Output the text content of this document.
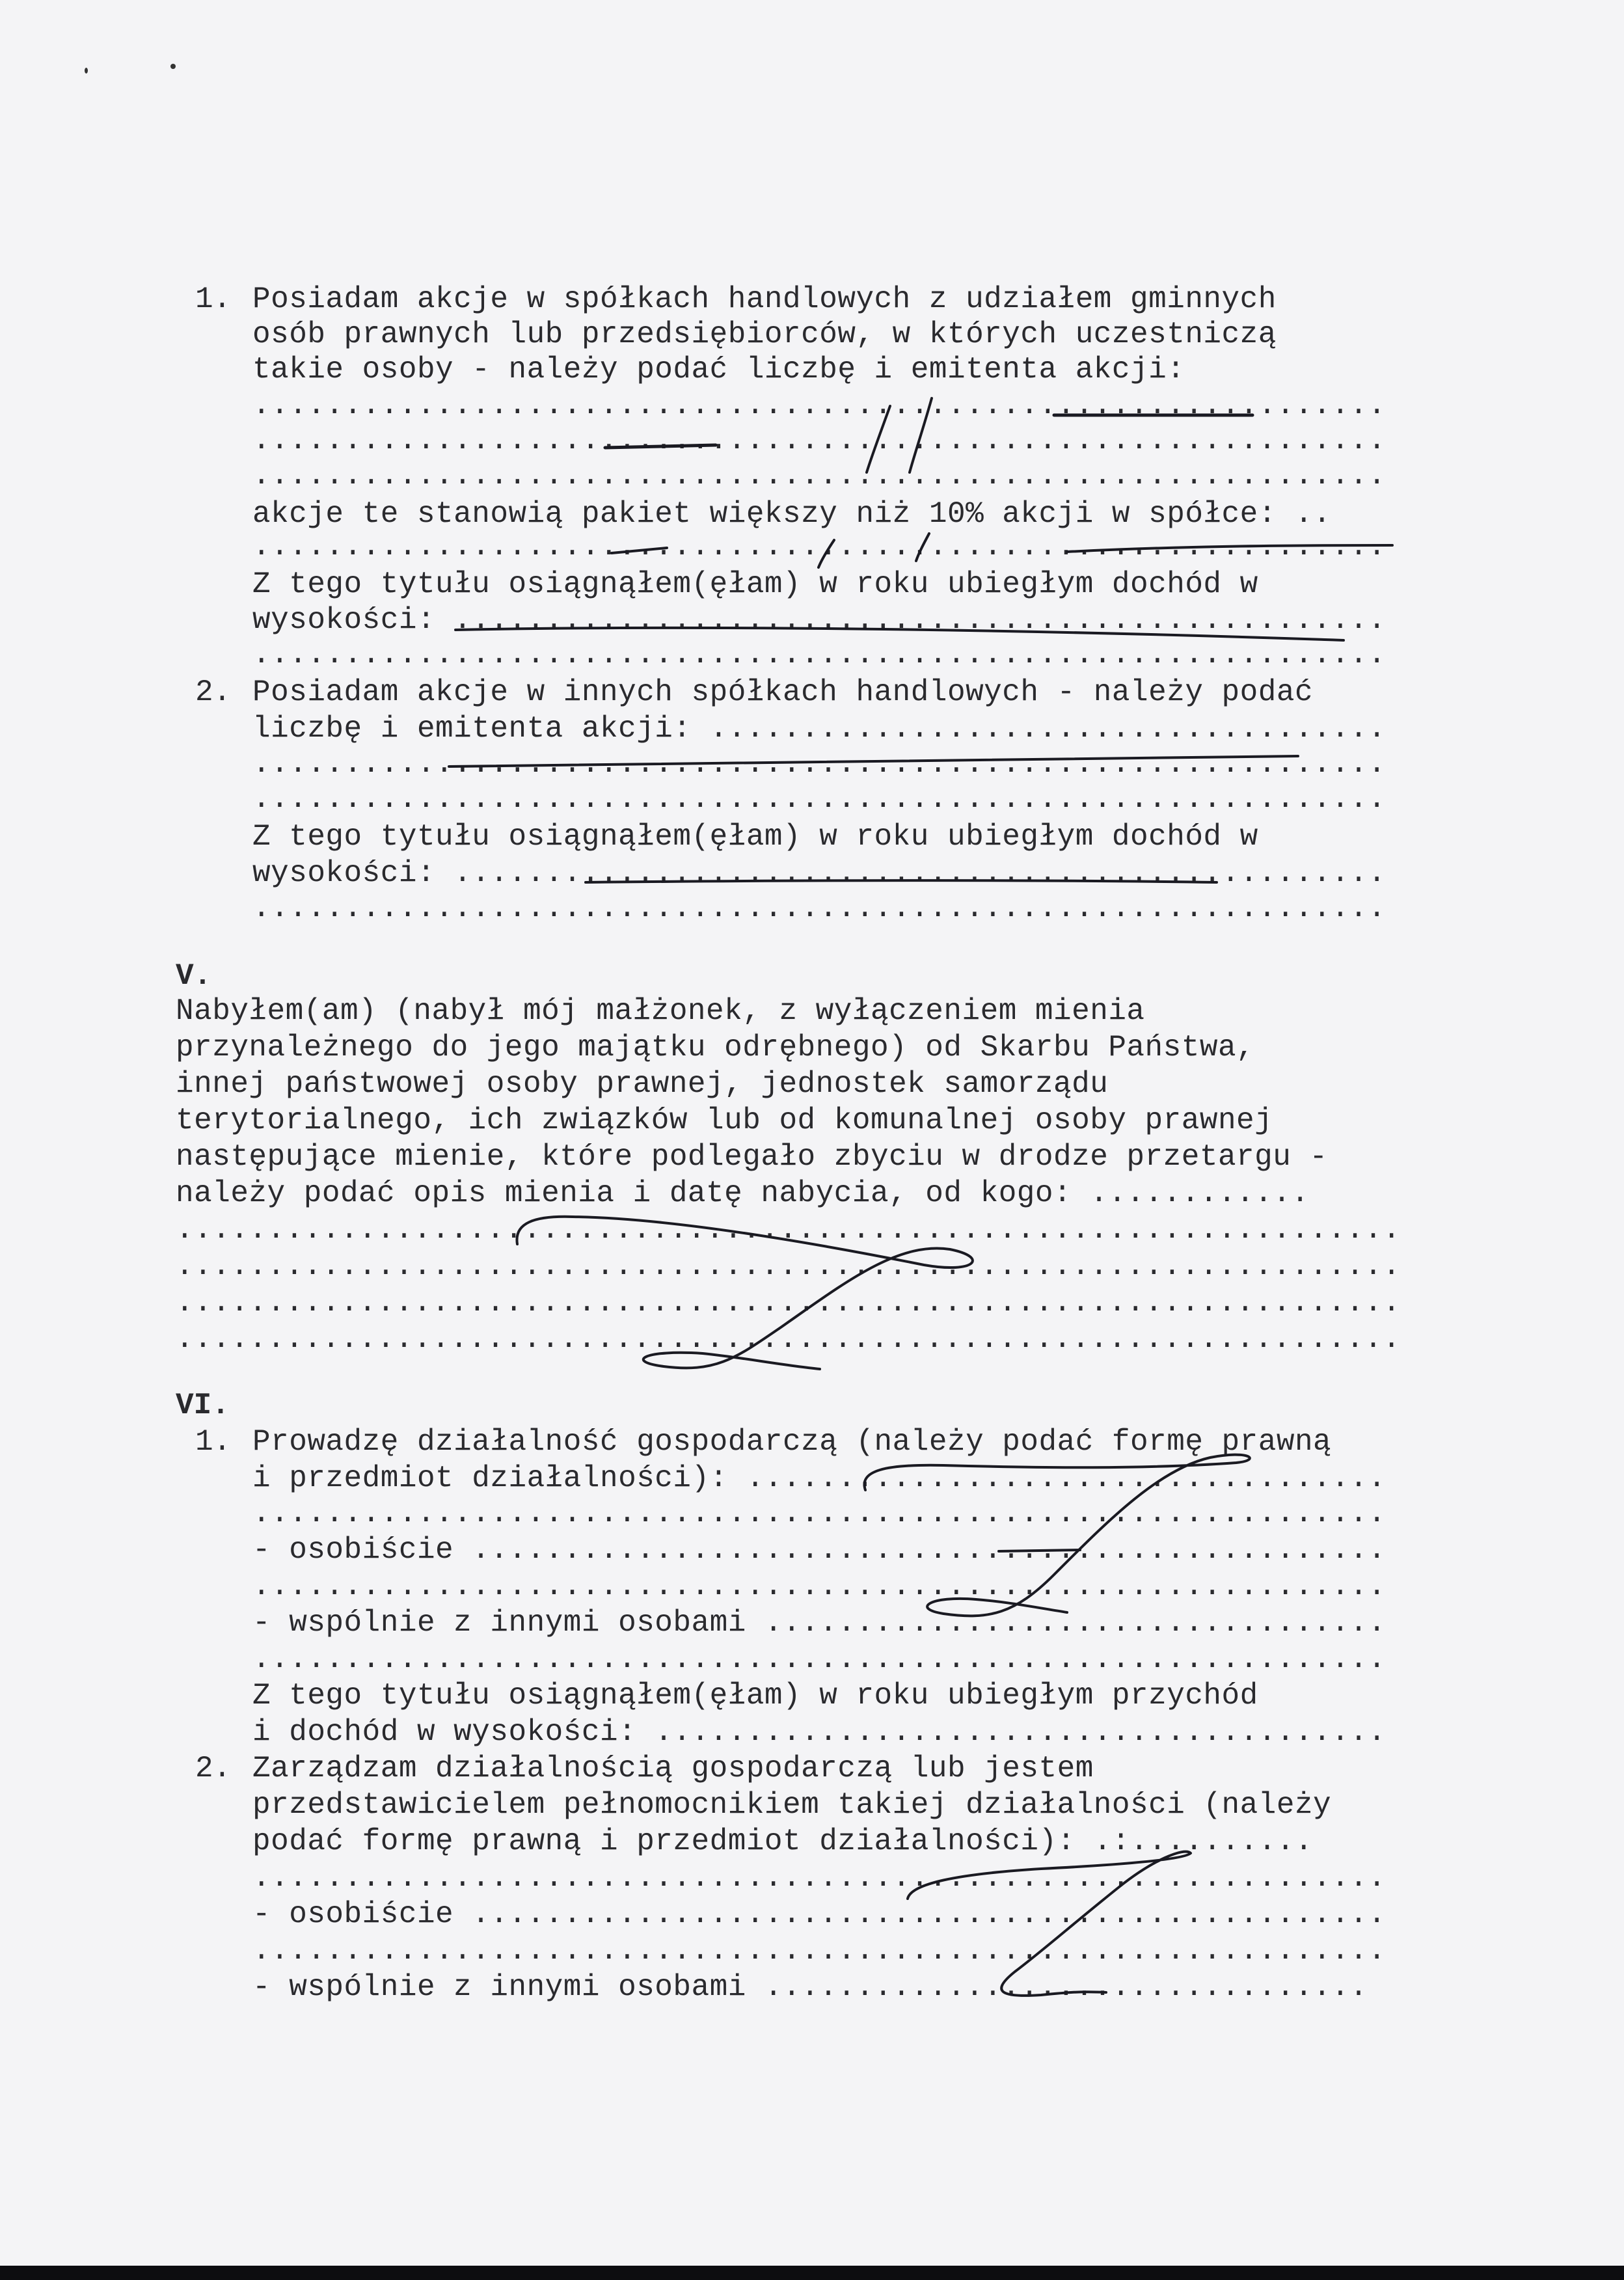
1. Posiadam akcje w spółkach handlowych z udziałem gminnych
osób prawnych lub przedsiębiorców, w których uczestniczą
takie osoby - należy podać liczbę i emitenta akcji:
..............................................................
..............................................................
..............................................................
akcje te stanowią pakiet większy niż 10% akcji w spółce: ..
..............................................................
Z tego tytułu osiągnąłem(ęłam) w roku ubiegłym dochód w
wysokości: ...................................................
..............................................................
2. Posiadam akcje w innych spółkach handlowych - należy podać
liczbę i emitenta akcji: .....................................
..............................................................
..............................................................
Z tego tytułu osiągnąłem(ęłam) w roku ubiegłym dochód w
wysokości: ...................................................
..............................................................
V.
Nabyłem(am) (nabył mój małżonek, z wyłączeniem mienia
przynależnego do jego majątku odrębnego) od Skarbu Państwa,
innej państwowej osoby prawnej, jednostek samorządu
terytorialnego, ich związków lub od komunalnej osoby prawnej
następujące mienie, które podlegało zbyciu w drodze przetargu -
należy podać opis mienia i datę nabycia, od kogo: ............
...................................................................
...................................................................
...................................................................
...................................................................
VI.
1. Prowadzę działalność gospodarczą (należy podać formę prawną
i przedmiot działalności): ...................................
..............................................................
- osobiście ..................................................
..............................................................
- wspólnie z innymi osobami ..................................
..............................................................
Z tego tytułu osiągnąłem(ęłam) w roku ubiegłym przychód
i dochód w wysokości: ........................................
2. Zarządzam działalnością gospodarczą lub jestem
przedstawicielem pełnomocnikiem takiej działalności (należy
podać formę prawną i przedmiot działalności): .:..........
..............................................................
- osobiście ..................................................
..............................................................
- wspólnie z innymi osobami .................................
